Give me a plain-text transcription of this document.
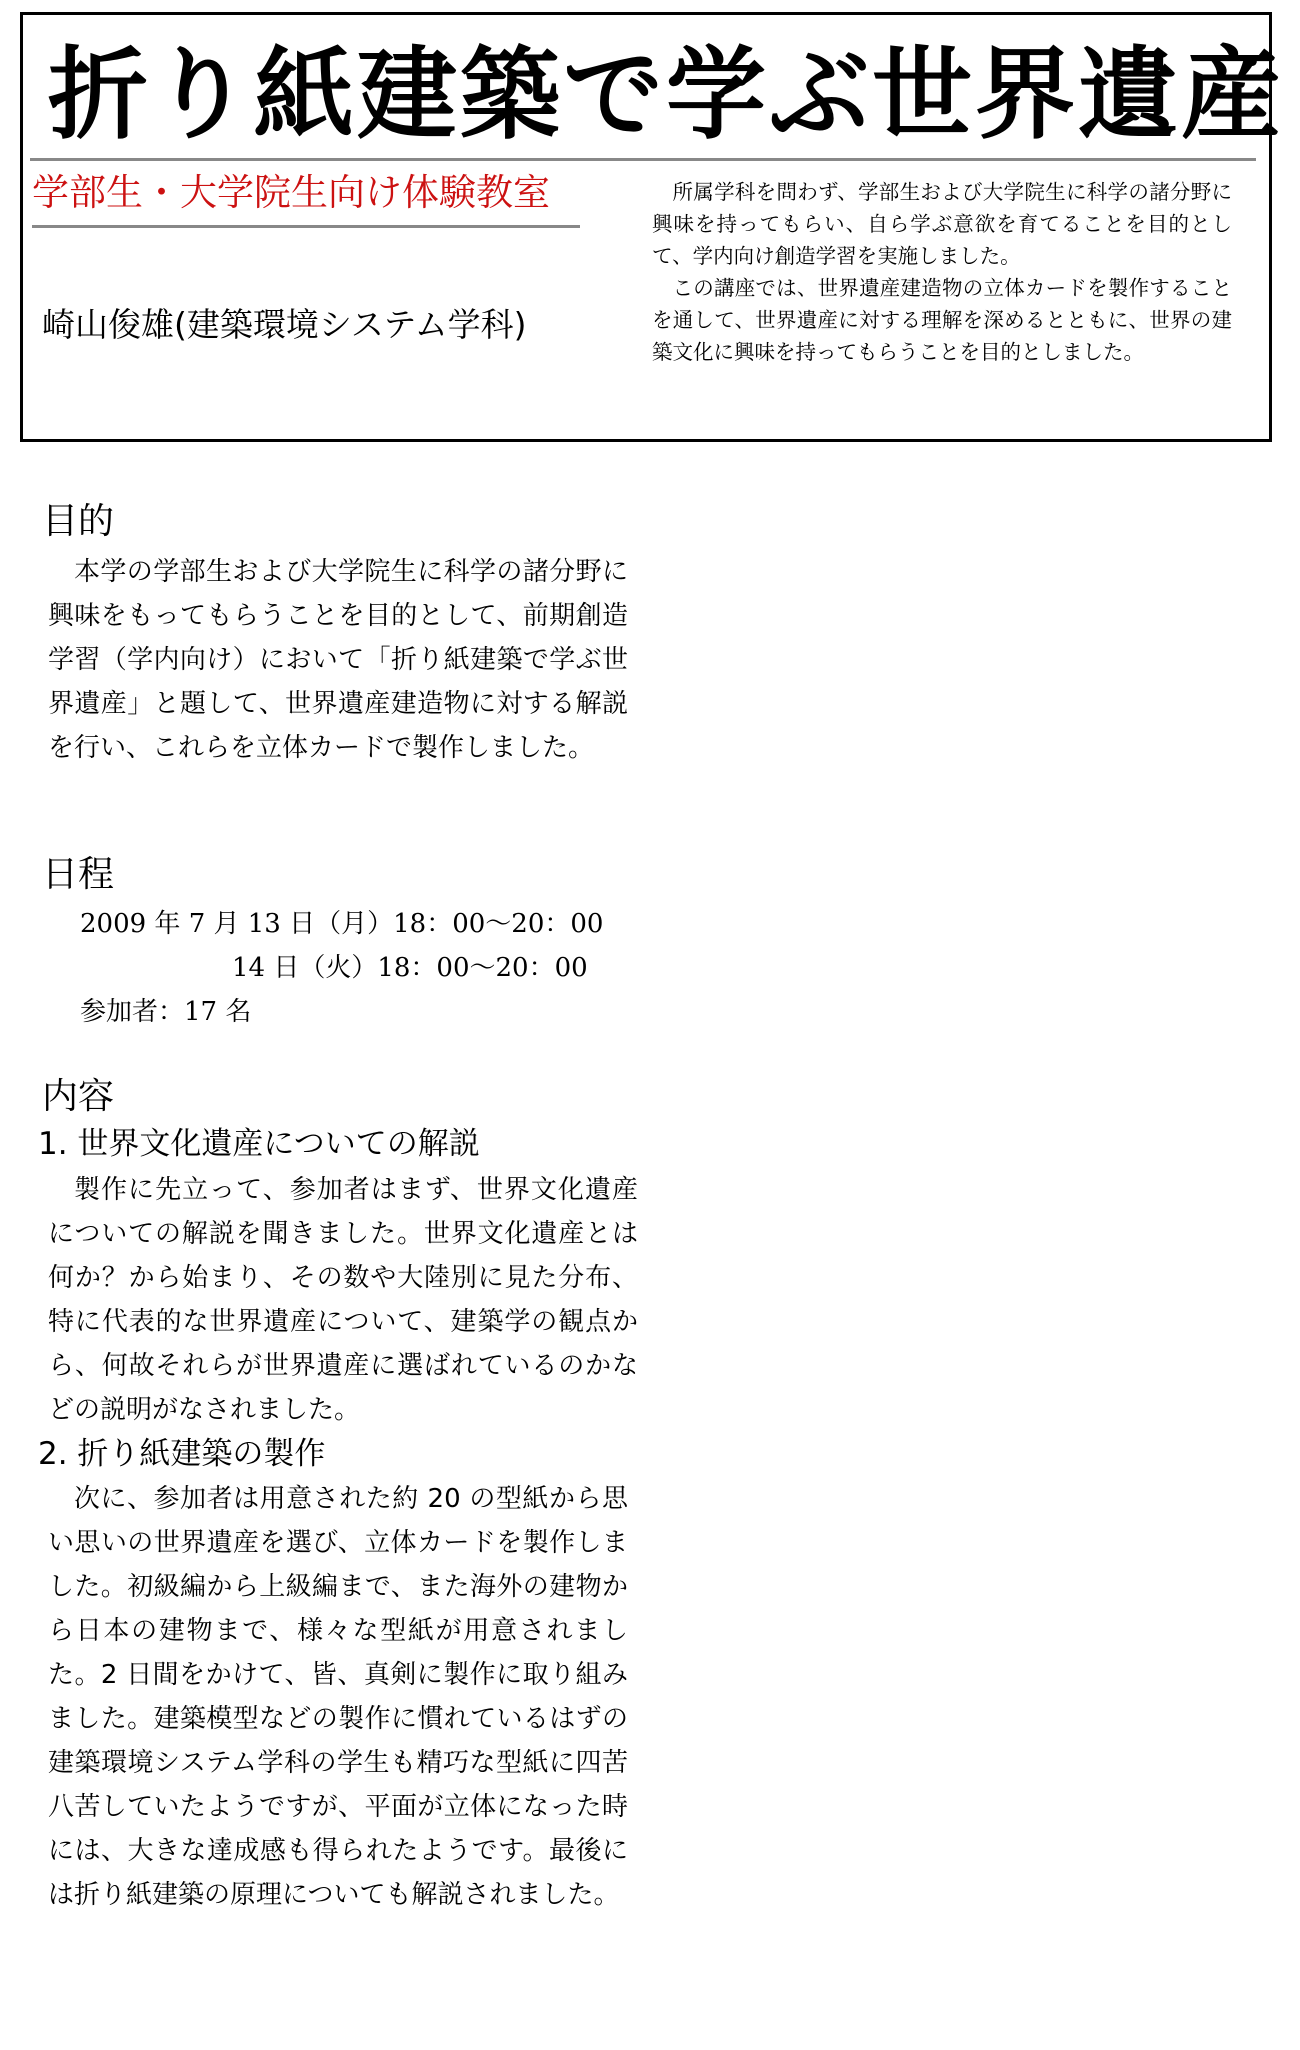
折り紙建築で学ぶ世界遺産
学部生・大学院生向け体験教室
崎山俊雄(建築環境システム学科)

所属学科を問わず、学部生および大学院生に科学の諸分野に興味を持ってもらい、自ら学ぶ意欲を育てることを目的として、学内向け創造学習を実施しました。

この講座では、世界遺産建造物の立体カードを製作することを通して、世界遺産に対する理解を深めるとともに、世界の建築文化に興味を持ってもらうことを目的としました。

目的

本学の学部生および大学院生に科学の諸分野に興味をもってもらうことを目的として、前期創造学習（学内向け）において「折り紙建築で学ぶ世界遺産」と題して、世界遺産建造物に対する解説を行い、これらを立体カードで製作しました。

日程
2009 年 7 月 13 日（月）18：00〜20：00
14 日（火）18：00〜20：00
参加者：17 名
内容
1. 世界文化遺産についての解説

製作に先立って、参加者はまず、世界文化遺産についての解説を聞きました。世界文化遺産とは何か？から始まり、その数や大陸別に見た分布、特に代表的な世界遺産について、建築学の観点から、何故それらが世界遺産に選ばれているのかなどの説明がなされました。

2. 折り紙建築の製作

次に、参加者は用意された約 20 の型紙から思い思いの世界遺産を選び、立体カードを製作しました。初級編から上級編まで、また海外の建物から日本の建物まで、様々な型紙が用意されました。2 日間をかけて、皆、真剣に製作に取り組みました。建築模型などの製作に慣れているはずの建築環境システム学科の学生も精巧な型紙に四苦八苦していたようですが、平面が立体になった時には、大きな達成感も得られたようです。最後には折り紙建築の原理についても解説されました。
